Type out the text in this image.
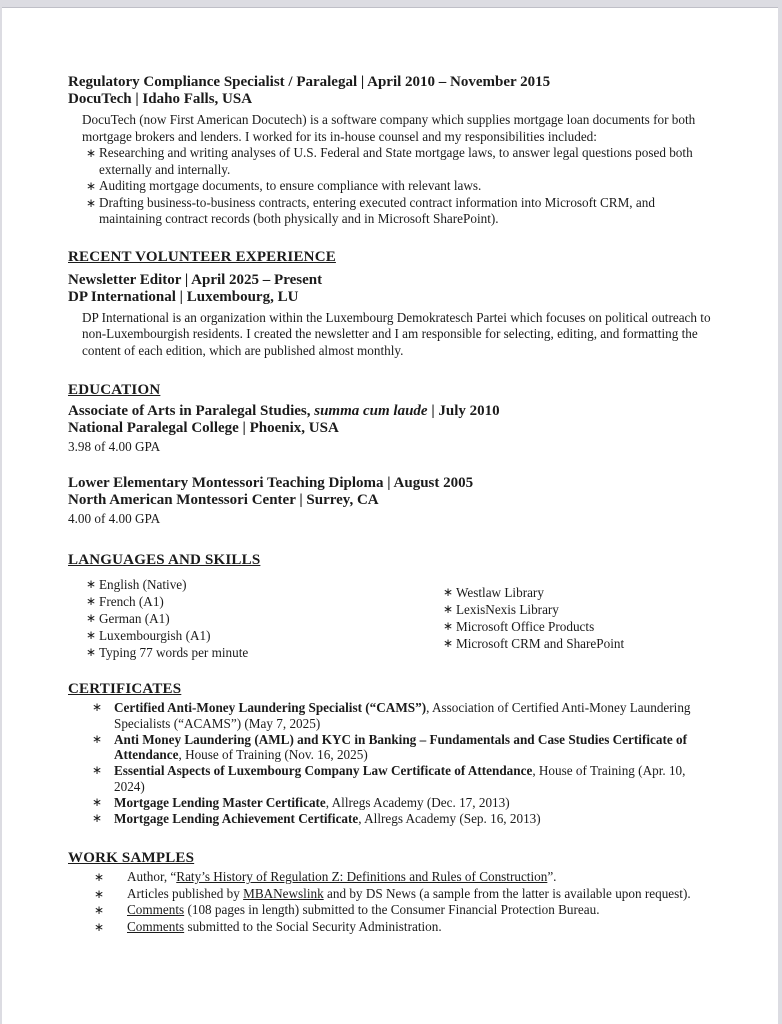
Regulatory Compliance Specialist / Paralegal | April 2010 – November 2015
DocuTech | Idaho Falls, USA

DocuTech (now First American Docutech) is a software company which supplies mortgage loan documents for both mortgage brokers and lenders. I worked for its in-house counsel and my responsibilities included:

∗ Researching and writing analyses of U.S. Federal and State mortgage laws, to answer legal questions posed both externally and internally.
∗ Auditing mortgage documents, to ensure compliance with relevant laws.
∗ Drafting business-to-business contracts, entering executed contract information into Microsoft CRM, and maintaining contract records (both physically and in Microsoft SharePoint).
RECENT VOLUNTEER EXPERIENCE
Newsletter Editor | April 2025 – Present
DP International | Luxembourg, LU

DP International is an organization within the Luxembourg Demokratesch Partei which focuses on political outreach to non-Luxembourgish residents. I created the newsletter and I am responsible for selecting, editing, and formatting the content of each edition, which are published almost monthly.

EDUCATION
Associate of Arts in Paralegal Studies, summa cum laude | July 2010
National Paralegal College | Phoenix, USA
3.98 of 4.00 GPA
Lower Elementary Montessori Teaching Diploma | August 2005
North American Montessori Center | Surrey, CA
4.00 of 4.00 GPA
LANGUAGES AND SKILLS
∗ English (Native)
∗ French (A1)
∗ German (A1)
∗ Luxembourgish (A1)
∗ Typing 77 words per minute
∗ Westlaw Library
∗ LexisNexis Library
∗ Microsoft Office Products
∗ Microsoft CRM and SharePoint
CERTIFICATES
∗ Certified Anti-Money Laundering Specialist (“CAMS”), Association of Certified Anti-Money Laundering Specialists (“ACAMS”) (May 7, 2025)
∗ Anti Money Laundering (AML) and KYC in Banking – Fundamentals and Case Studies Certificate of Attendance, House of Training (Nov. 16, 2025)
∗ Essential Aspects of Luxembourg Company Law Certificate of Attendance, House of Training (Apr. 10, 2024)
∗ Mortgage Lending Master Certificate, Allregs Academy (Dec. 17, 2013)
∗ Mortgage Lending Achievement Certificate, Allregs Academy (Sep. 16, 2013)
WORK SAMPLES
∗	Author, “Raty’s History of Regulation Z: Definitions and Rules of Construction”.
∗	Articles published by MBANewslink and by DS News (a sample from the latter is available upon request).
∗	Comments (108 pages in length) submitted to the Consumer Financial Protection Bureau.
∗	Comments submitted to the Social Security Administration.
